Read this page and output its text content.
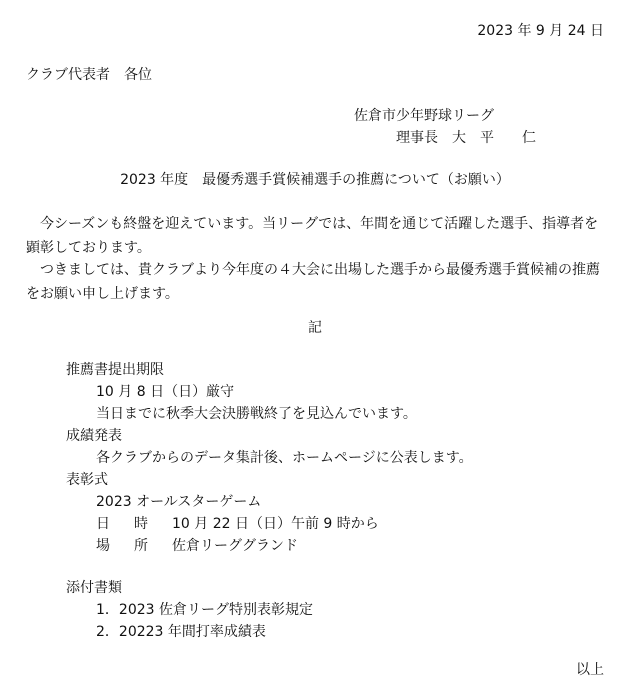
2023 年 9 月 24 日
クラブ代表者　各位
佐倉市少年野球リーグ
理事長 大　平 仁
2023 年度　最優秀選手賞候補選手の推薦について（お願い）
今シーズンも終盤を迎えています。当リーグでは、年間を通じて活躍した選手、指導者を顕彰しております。
つきましては、貴クラブより今年度の４大会に出場した選手から最優秀選手賞候補の推薦をお願い申し上げます。
記
推薦書提出期限
10 月 8 日（日）厳守
当日までに秋季大会決勝戦終了を見込んでいます。
成績発表
各クラブからのデータ集計後、ホームページに公表します。
表彰式
2023 オールスターゲーム
日 時 10 月 22 日（日）午前 9 時から
場 所 佐倉リーググランド
添付書類
1．2023 佐倉リーグ特別表彰規定
2．20223 年間打率成績表
以上
